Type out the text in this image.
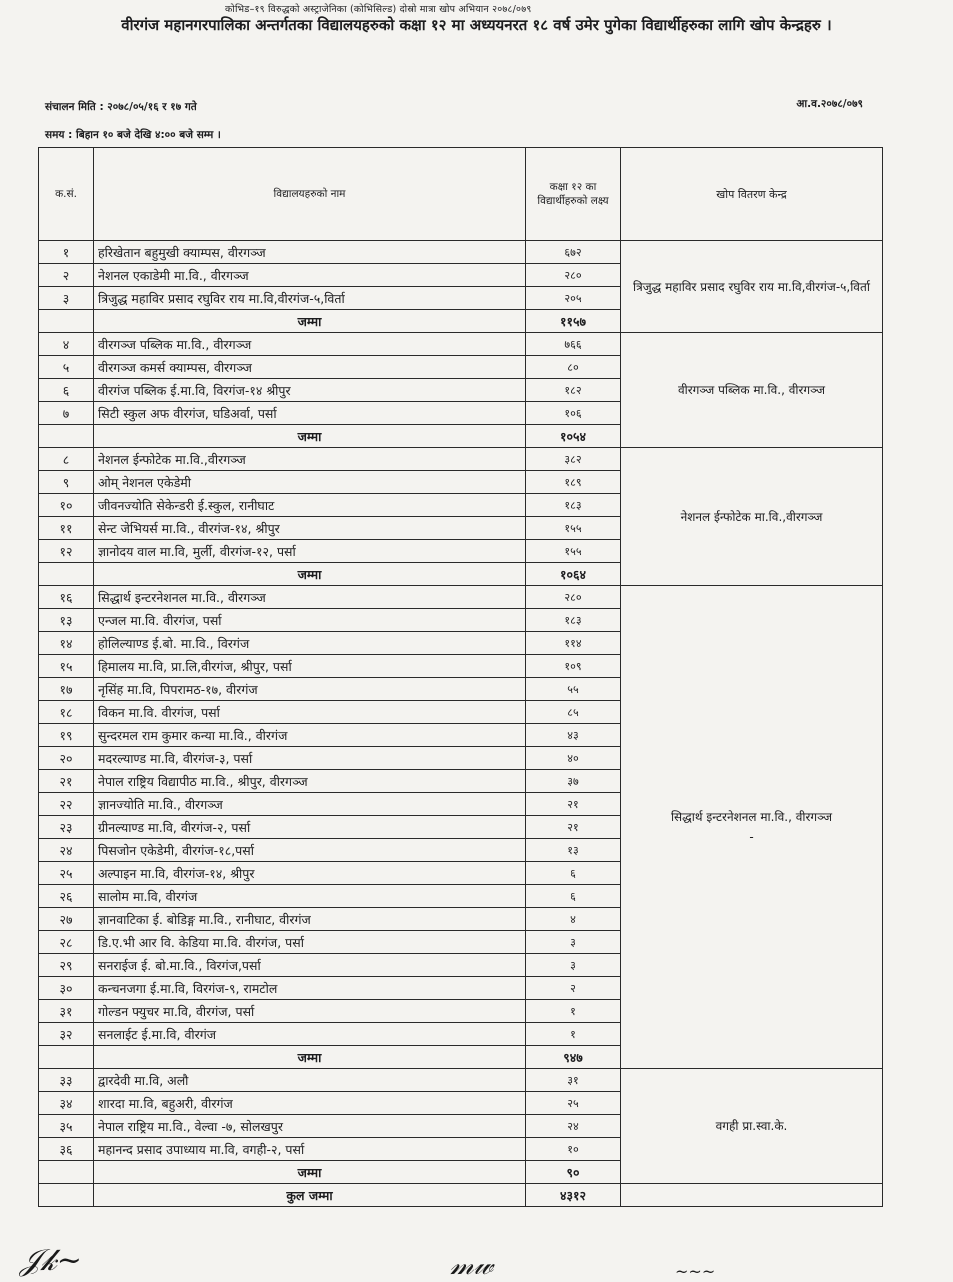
कोभिड–१९ विरुद्धको अस्ट्राजेनिका (कोभिसिल्ड) दोस्रो मात्रा खोप अभियान २०७८/०७९
वीरगंज महानगरपालिका अन्तर्गतका विद्यालयहरुको कक्षा १२ मा अध्ययनरत १८ वर्ष उमेर पुगेका विद्यार्थीहरुका लागि खोप केन्द्रहरु ।
संचालन मिति : २०७८/०५/१६ र १७ गते
समय : बिहान १० बजे देखि ४:०० बजे सम्म ।
आ.व.२०७८/०७९
क.सं.	विद्यालयहरुको नाम	कक्षा १२ का विद्यार्थीहरुको लक्ष्य	खोप वितरण केन्द्र
१	हरिखेतान बहुमुखी क्याम्पस, वीरगञ्ज	६७२	त्रिजुद्ध महाविर प्रसाद रघुविर राय मा.वि,वीरगंज-५,विर्ता
२	नेशनल एकाडेमी मा.वि., वीरगञ्ज	२८०	
३	त्रिजुद्ध महाविर प्रसाद रघुविर राय मा.वि,वीरगंज-५,विर्ता	२०५	
	जम्मा	११५७	
४	वीरगञ्ज पब्लिक मा.वि., वीरगञ्ज	७६६	वीरगञ्ज पब्लिक मा.वि., वीरगञ्ज
५	वीरगञ्ज कमर्स क्याम्पस, वीरगञ्ज	८०	
६	वीरगंज पब्लिक ई.मा.वि, विरगंज-१४ श्रीपुर	१८२	
७	सिटी स्कुल अफ वीरगंज, घडिअर्वा, पर्सा	१०६	
	जम्मा	१०५४	
८	नेशनल ईन्फोटेक मा.वि.,वीरगञ्ज	३८२	नेशनल ईन्फोटेक मा.वि.,वीरगञ्ज
९	ओम् नेशनल एकेडेमी	१८९	
१०	जीवनज्योति सेकेन्डरी ई.स्कुल, रानीघाट	१८३	
११	सेन्ट जेभियर्स मा.वि., वीरगंज-१४, श्रीपुर	१५५	
१२	ज्ञानोदय वाल मा.वि, मुर्ली, वीरगंज-१२, पर्सा	१५५	
	जम्मा	१०६४	
१६	सिद्धार्थ इन्टरनेशनल मा.वि., वीरगञ्ज	२८०	सिद्धार्थ इन्टरनेशनल मा.वि., वीरगञ्ज
-
१३	एन्जल मा.वि. वीरगंज, पर्सा	१८३	
१४	होलिल्याण्ड ई.बो. मा.वि., विरगंज	११४	
१५	हिमालय मा.वि, प्रा.लि,वीरगंज, श्रीपुर, पर्सा	१०९	
१७	नृसिंह मा.वि, पिपरामठ-१७, वीरगंज	५५	
१८	विकन मा.वि. वीरगंज, पर्सा	८५	
१९	सुन्दरमल राम कुमार कन्या मा.वि., वीरगंज	४३	
२०	मदरल्याण्ड मा.वि, वीरगंज-३, पर्सा	४०	
२१	नेपाल राष्ट्रिय विद्यापीठ मा.वि., श्रीपुर, वीरगञ्ज	३७	
२२	ज्ञानज्योति मा.वि., वीरगञ्ज	२१	
२३	ग्रीनल्याण्ड मा.वि, वीरगंज-२, पर्सा	२१	
२४	पिसजोन एकेडेमी, वीरगंज-१८,पर्सा	१३	
२५	अल्पाइन मा.वि, वीरगंज-१४, श्रीपुर	६	
२६	सालोम मा.वि, वीरगंज	६	
२७	ज्ञानवाटिका ई. बोडिङ्ग मा.वि., रानीघाट, वीरगंज	४	
२८	डि.ए.भी आर वि. केडिया मा.वि. वीरगंज, पर्सा	३	
२९	सनराईज ई. बो.मा.वि., विरगंज,पर्सा	३	
३०	कन्चनजगा ई.मा.वि, विरगंज-९, रामटोल	२	
३१	गोल्डन फ्युचर मा.वि, वीरगंज, पर्सा	१	
३२	सनलाईट ई.मा.वि, वीरगंज	१	
	जम्मा	९४७	
३३	द्वारदेवी मा.वि, अलौ	३१	वगही प्रा.स्वा.के.
३४	शारदा मा.वि, बहुअरी, वीरगंज	२५	
३५	नेपाल राष्ट्रिय मा.वि., वेल्वा -७, सोलखपुर	२४	
३६	महानन्द प्रसाद उपाध्याय मा.वि, वगही-२, पर्सा	१०	
	जम्मा	९०	
	कुल जम्मा	४३१२	
𝒥𝓀~	𝓂𝓌	~~~
